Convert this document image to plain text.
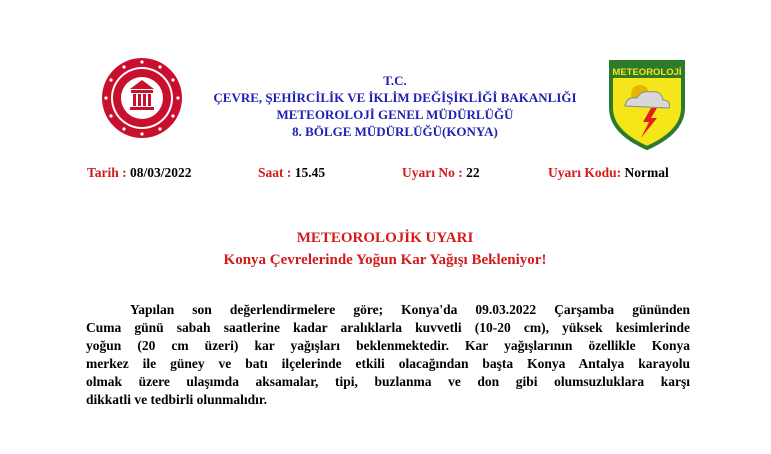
T.C.
ÇEVRE, ŞEHİRCİLİK VE İKLİM DEĞİŞİKLİĞİ BAKANLIĞI
METEOROLOJİ GENEL MÜDÜRLÜĞÜ
8. BÖLGE MÜDÜRLÜĞÜ(KONYA)
METEOROLOJİ
Tarih : 08/03/2022	Saat : 15.45	Uyarı No : 22	Uyarı Kodu: Normal
METEOROLOJİK UYARI
Konya Çevrelerinde Yoğun Kar Yağışı Bekleniyor!
Yapılan son değerlendirmelere göre; Konya'da 09.03.2022 Çarşamba gününden
Cuma günü sabah saatlerine kadar aralıklarla kuvvetli (10-20 cm), yüksek kesimlerinde
yoğun (20 cm üzeri) kar yağışları beklenmektedir. Kar yağışlarının özellikle Konya
merkez ile güney ve batı ilçelerinde etkili olacağından başta Konya Antalya karayolu
olmak üzere ulaşımda aksamalar, tipi, buzlanma ve don gibi olumsuzluklara karşı
dikkatli ve tedbirli olunmalıdır.
